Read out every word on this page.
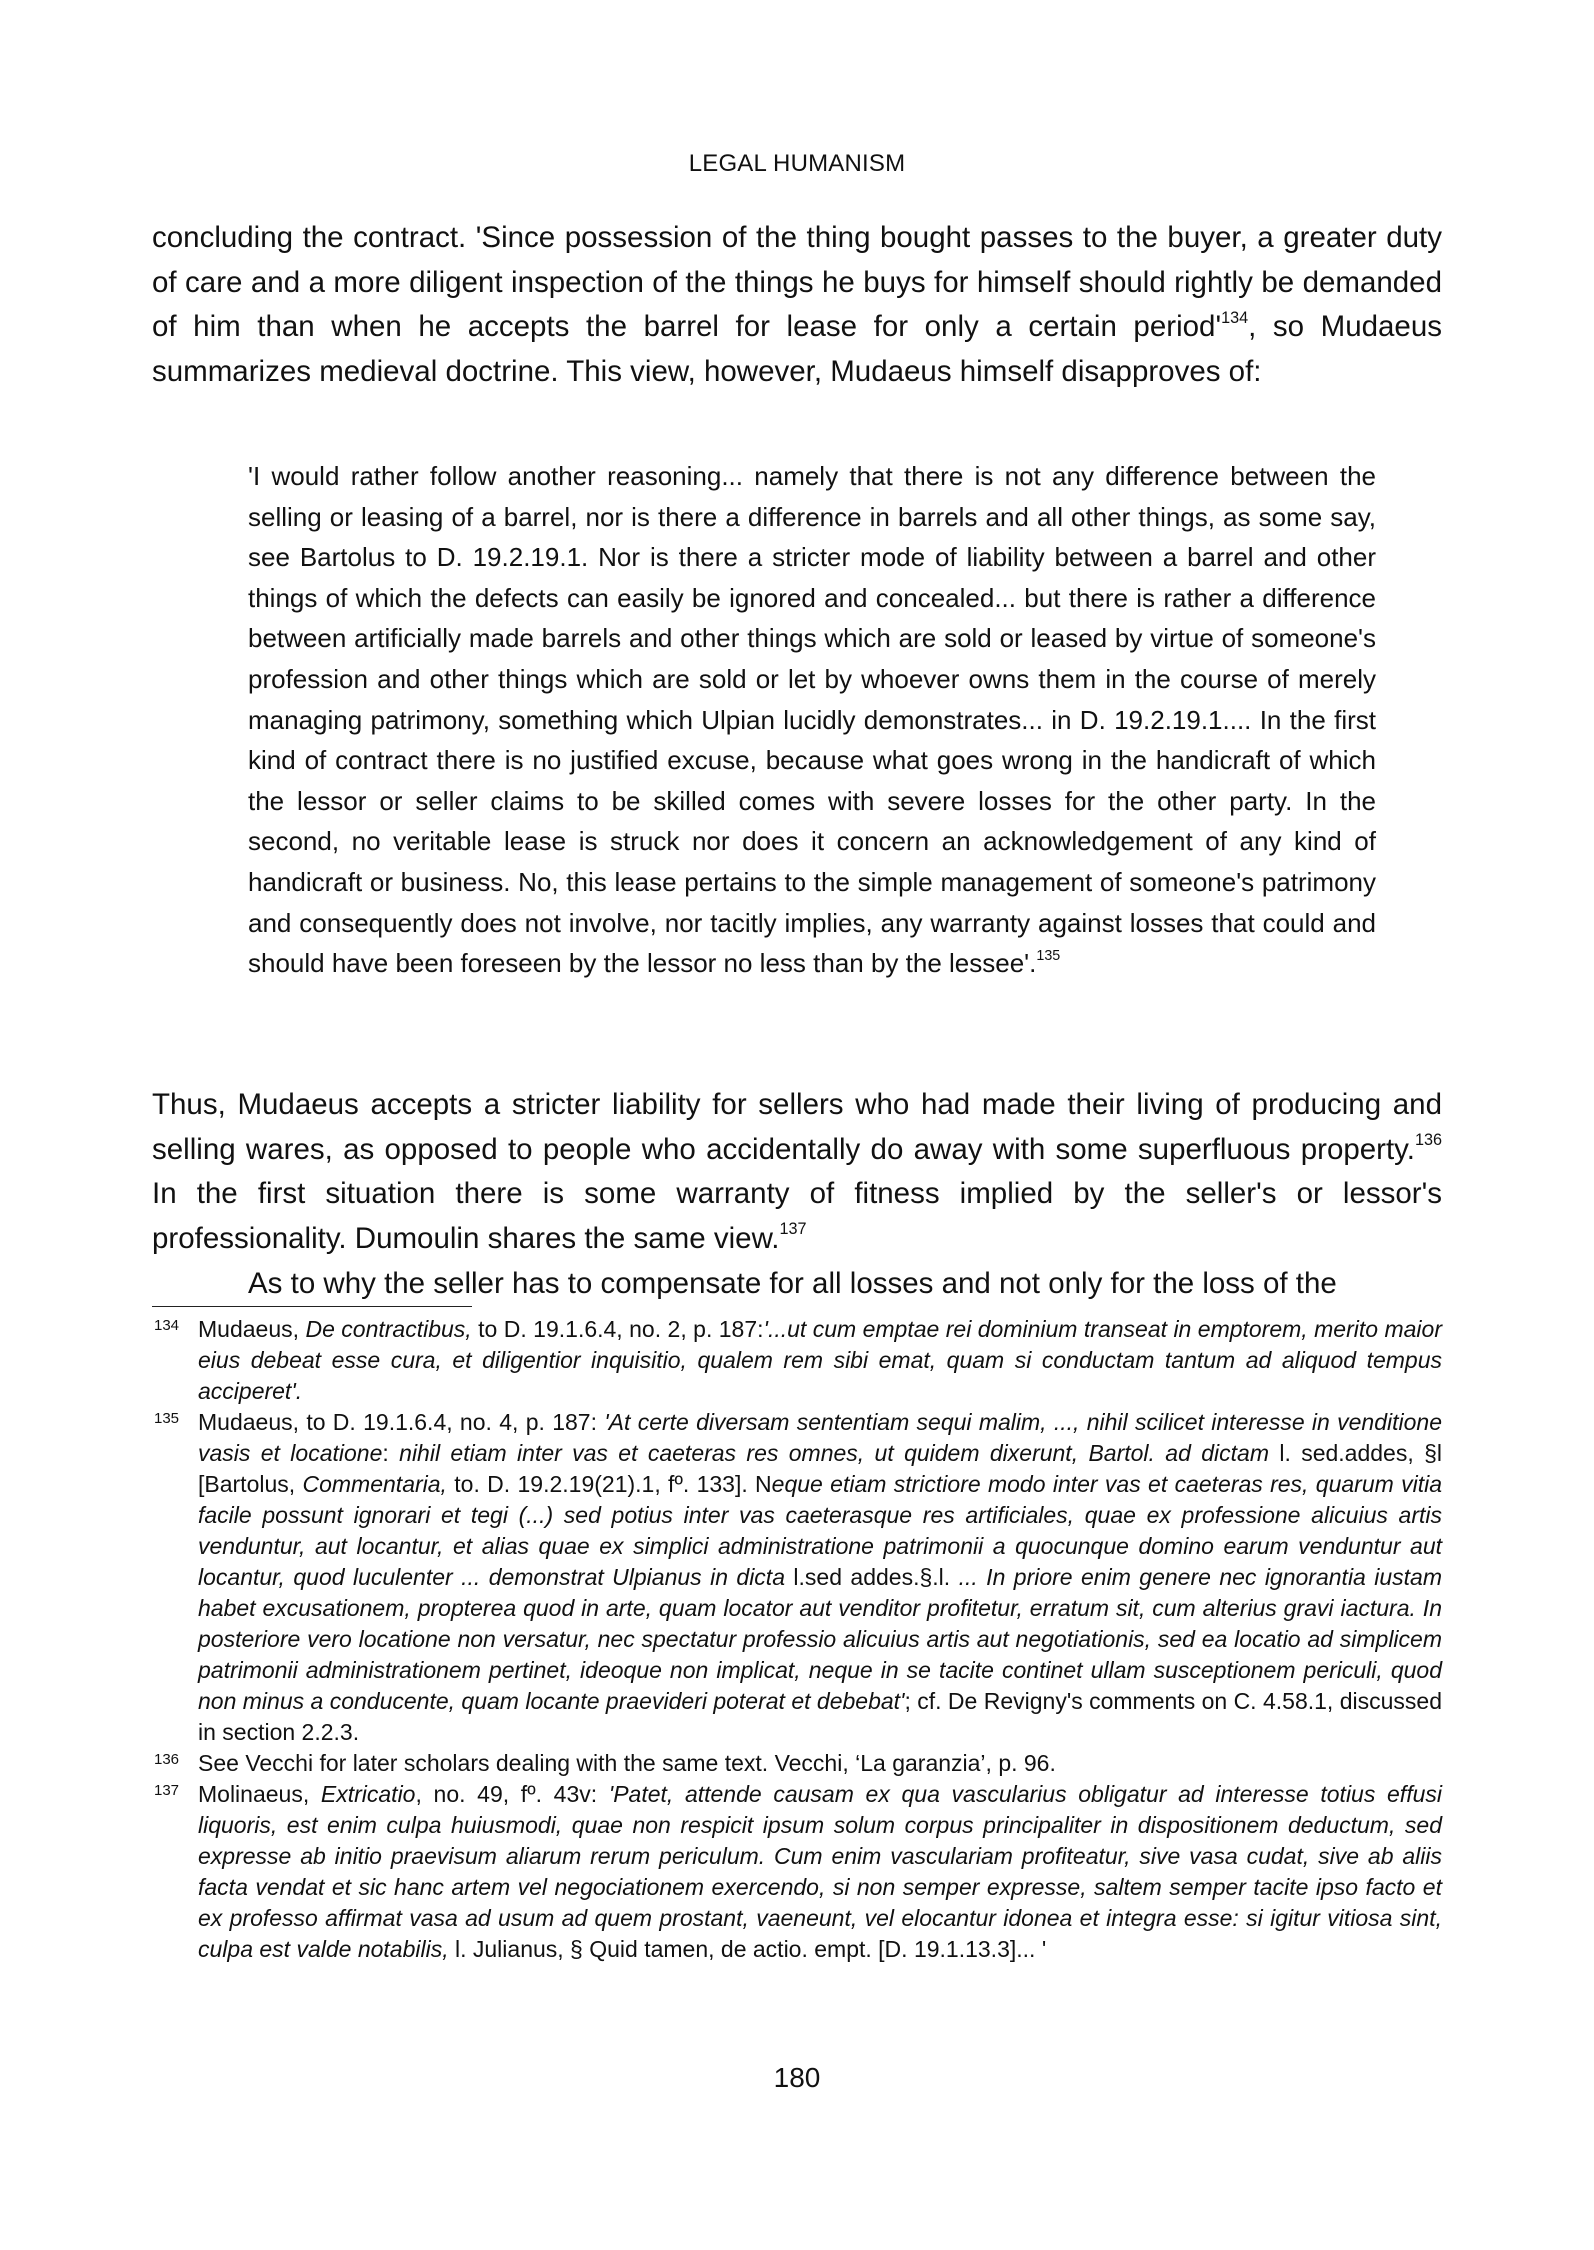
LEGAL HUMANISM

concluding the contract. 'Since possession of the thing bought passes to the buyer, a greater duty of care and a more diligent inspection of the things he buys for himself should rightly be demanded of him than when he accepts the barrel for lease for only a certain $period'^{134}$, so Mudaeus summarizes medieval doctrine. This view, however, Mudaeus himself disapproves of:

'I would rather follow another reasoning... namely that there is not any difference between the selling or leasing of a barrel, nor is there a difference in barrels and all other things, as some say, see Bartolus to D. 19.2.19.1. Nor is there a stricter mode of liability between a barrel and other things of which the defects can easily be ignored and concealed... but there is rather a difference between artificially made barrels and other things which are sold or leased by virtue of someone's profession and other things which are sold or let by whoever owns them in the course of merely managing patrimony, something which Ulpian lucidly demonstrates... in D. 19.2.19.1.... In the first kind of contract there is no justified excuse, because what goes wrong in the handicraft of which the lessor or seller claims to be skilled comes with severe losses for the other party. In the second, no veritable lease is struck nor does it concern an acknowledgement of any kind of handicraft or business. No, this lease pertains to the simple management of someone's patrimony and consequently does not involve, nor tacitly implies, any warranty against losses that could and should have been foreseen by the lessor no less than by the lessee'.$^{135}$

Thus, Mudaeus accepts a stricter liability for sellers who had made their living of producing and selling wares, as opposed to people who accidentally do away with some superfluous property.$^{136}$ In the first situation there is some warranty of fitness implied by the seller's or lessor's professionality. Dumoulin shares the same view.$^{137}$

As to why the seller has to compensate for all losses and not only for the loss of the

134 Mudaeus, De contractibus, to D. 19.1.6.4, no. 2, p. 187:'...ut cum emptae rei dominium transeat in emptorem, merito maior eius debeat esse cura, et diligentior inquisitio, qualem rem sibi emat, quam si conductam tantum ad aliquod tempus acciperet'.
135 Mudaeus, to D. 19.1.6.4, no. 4, p. 187: 'At certe diversam sententiam sequi malim, ..., nihil scilicet interesse in venditione vasis et locatione: nihil etiam inter vas et caeteras res omnes, ut quidem dixerunt, Bartol. ad dictam l. sed.addes, §l [Bartolus, Commentaria, to. D. 19.2.19(21).1, fº. 133]. Neque etiam strictiore modo inter vas et caeteras res, quarum vitia facile possunt ignorari et tegi (...) sed potius inter vas caeterasque res artificiales, quae ex professione alicuius artis venduntur, aut locantur, et alias quae ex simplici administratione patrimonii a quocunque domino earum venduntur aut locantur, quod luculenter ... demonstrat Ulpianus in dicta l.sed addes.§.l. ... In priore enim genere nec ignorantia iustam habet excusationem, propterea quod in arte, quam locator aut venditor profitetur, erratum sit, cum alterius gravi iactura. In posteriore vero locatione non versatur, nec spectatur professio alicuius artis aut negotiationis, sed ea locatio ad simplicem patrimonii administrationem pertinet, ideoque non implicat, neque in se tacite continet ullam susceptionem periculi, quod non minus a conducente, quam locante praevideri poterat et debebat'; cf. De Revigny's comments on C. 4.58.1, discussed in section 2.2.3.
136 See Vecchi for later scholars dealing with the same text. Vecchi, ‘La garanzia’, p. 96.
137 Molinaeus, Extricatio, no. 49, fº. 43v: 'Patet, attende causam ex qua vascularius obligatur ad interesse totius effusi liquoris, est enim culpa huiusmodi, quae non respicit ipsum solum corpus principaliter in dispositionem deductum, sed expresse ab initio praevisum aliarum rerum periculum. Cum enim vasculariam profiteatur, sive vasa cudat, sive ab aliis facta vendat et sic hanc artem vel negociationem exercendo, si non semper expresse, saltem semper tacite ipso facto et ex professo affirmat vasa ad usum ad quem prostant, vaeneunt, vel elocantur idonea et integra esse: si igitur vitiosa sint, culpa est valde notabilis, l. Julianus, § Quid tamen, de actio. empt. [D. 19.1.13.3]... '
180
